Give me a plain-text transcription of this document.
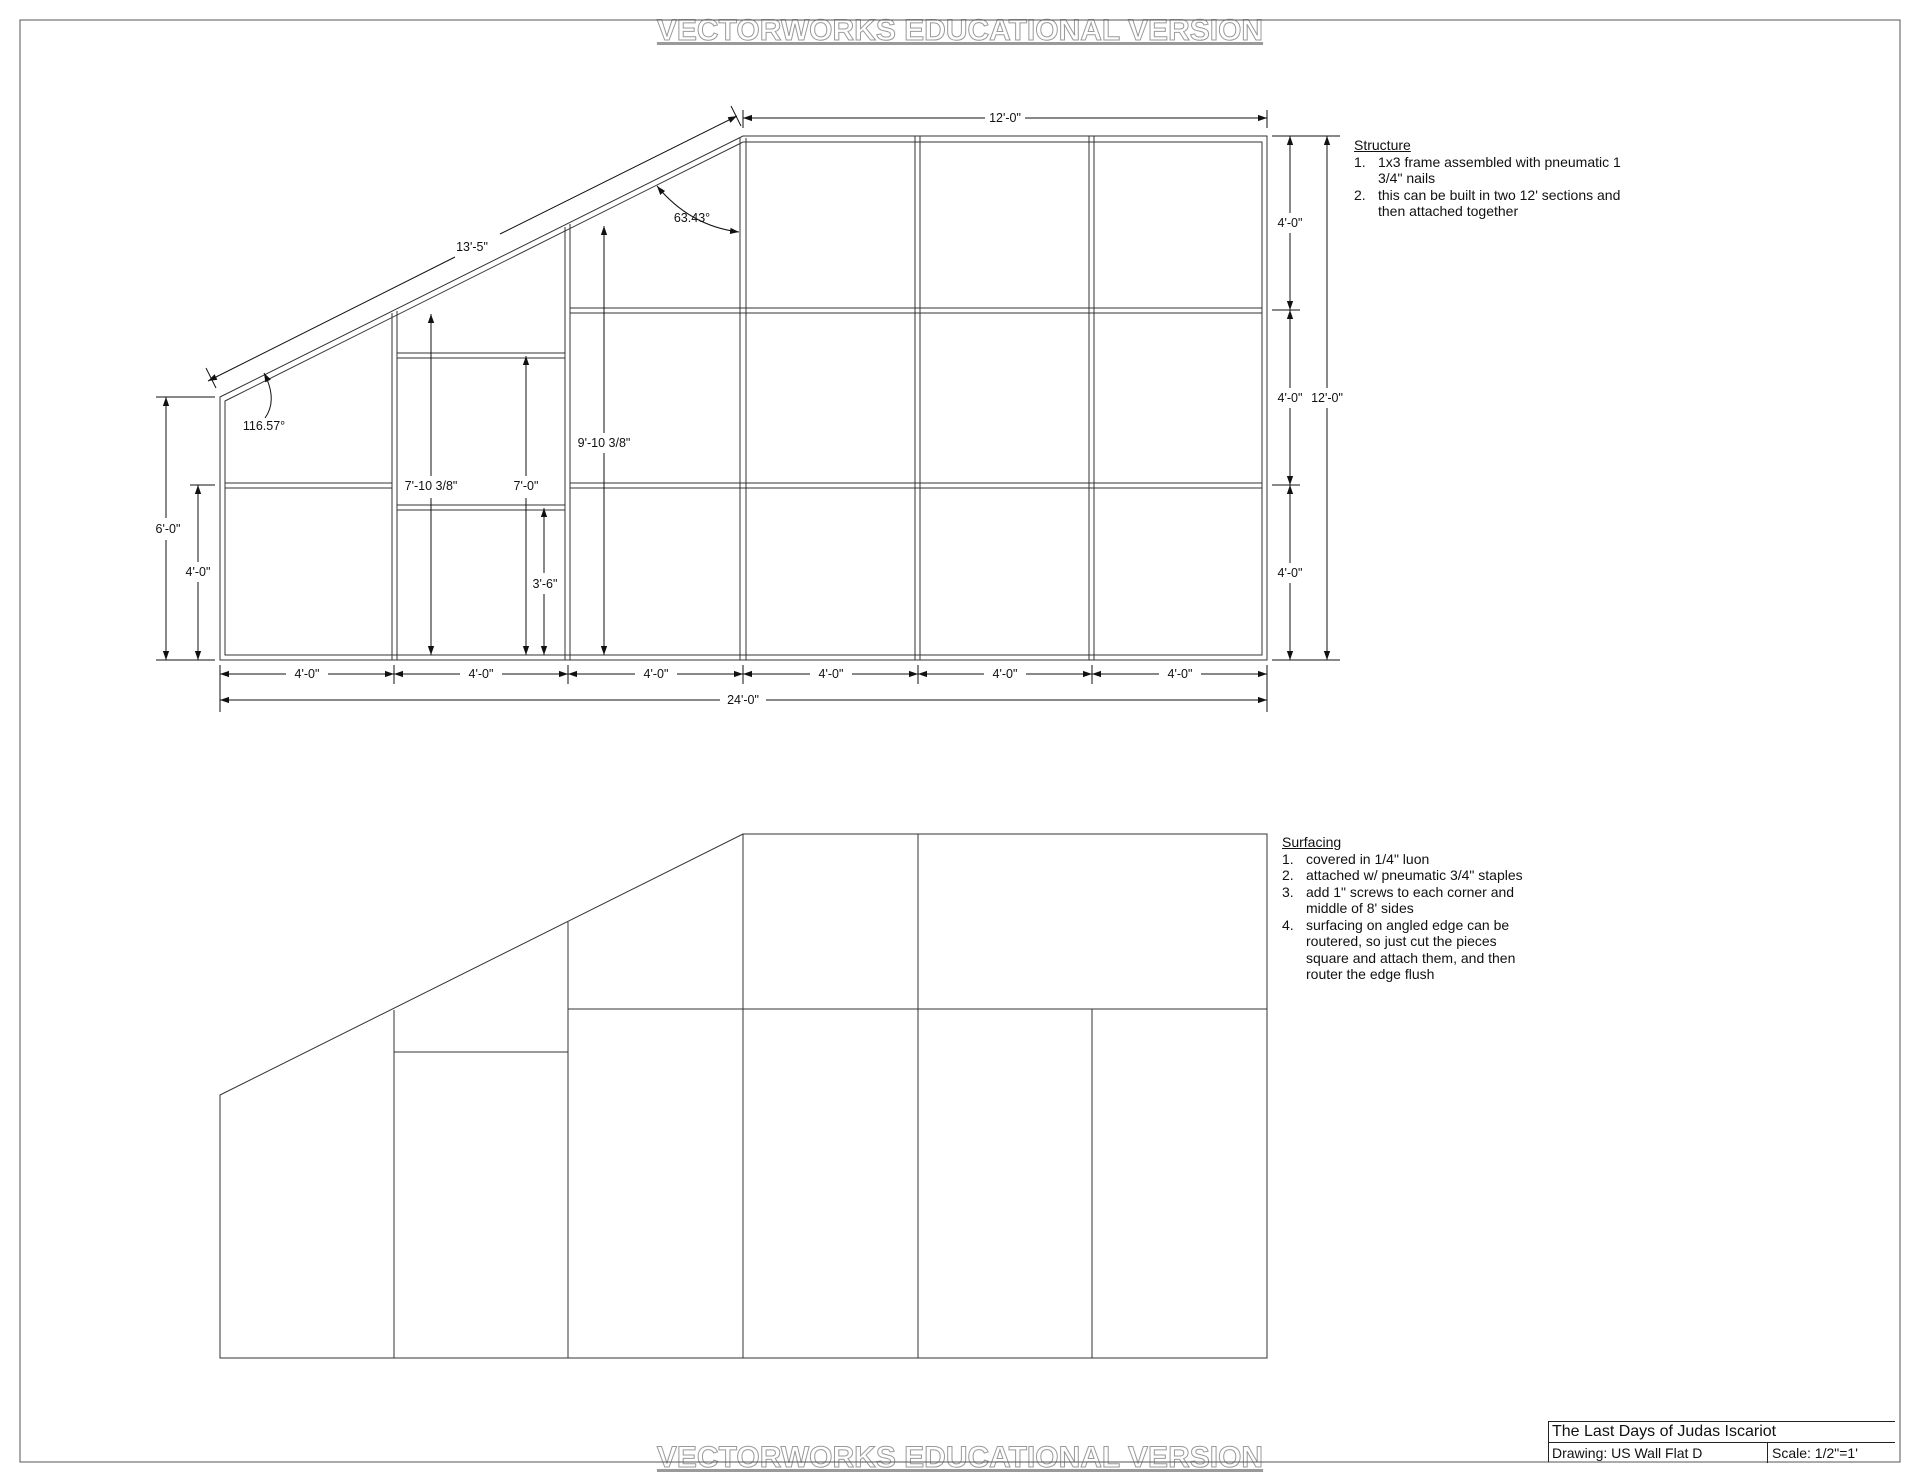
VECTORWORKS EDUCATIONAL VERSION
VECTORWORKS EDUCATIONAL VERSION
12'-0"
13'-5"
63.43°
116.57°
6'-0"
4'-0"
7'-10 3/8"	7'-0"
3'-6"
9'-10 3/8"
4'-0"
4'-0"
4'-0"
12'-0"
4'-0"	4'-0"	4'-0"	4'-0"	4'-0"	4'-0"
24'-0"
Structure
1. 1x3 frame assembled with pneumatic 1 3/4" nails
2. this can be built in two 12' sections and then attached together
Surfacing
1. covered in 1/4" luon
2. attached w/ pneumatic 3/4" staples
3. add 1" screws to each corner and middle of 8' sides
4. surfacing on angled edge can be routered, so just cut the pieces square and attach them, and then router the edge flush
The Last Days of Judas Iscariot
Drawing: US Wall Flat D	Scale: 1/2"=1'
